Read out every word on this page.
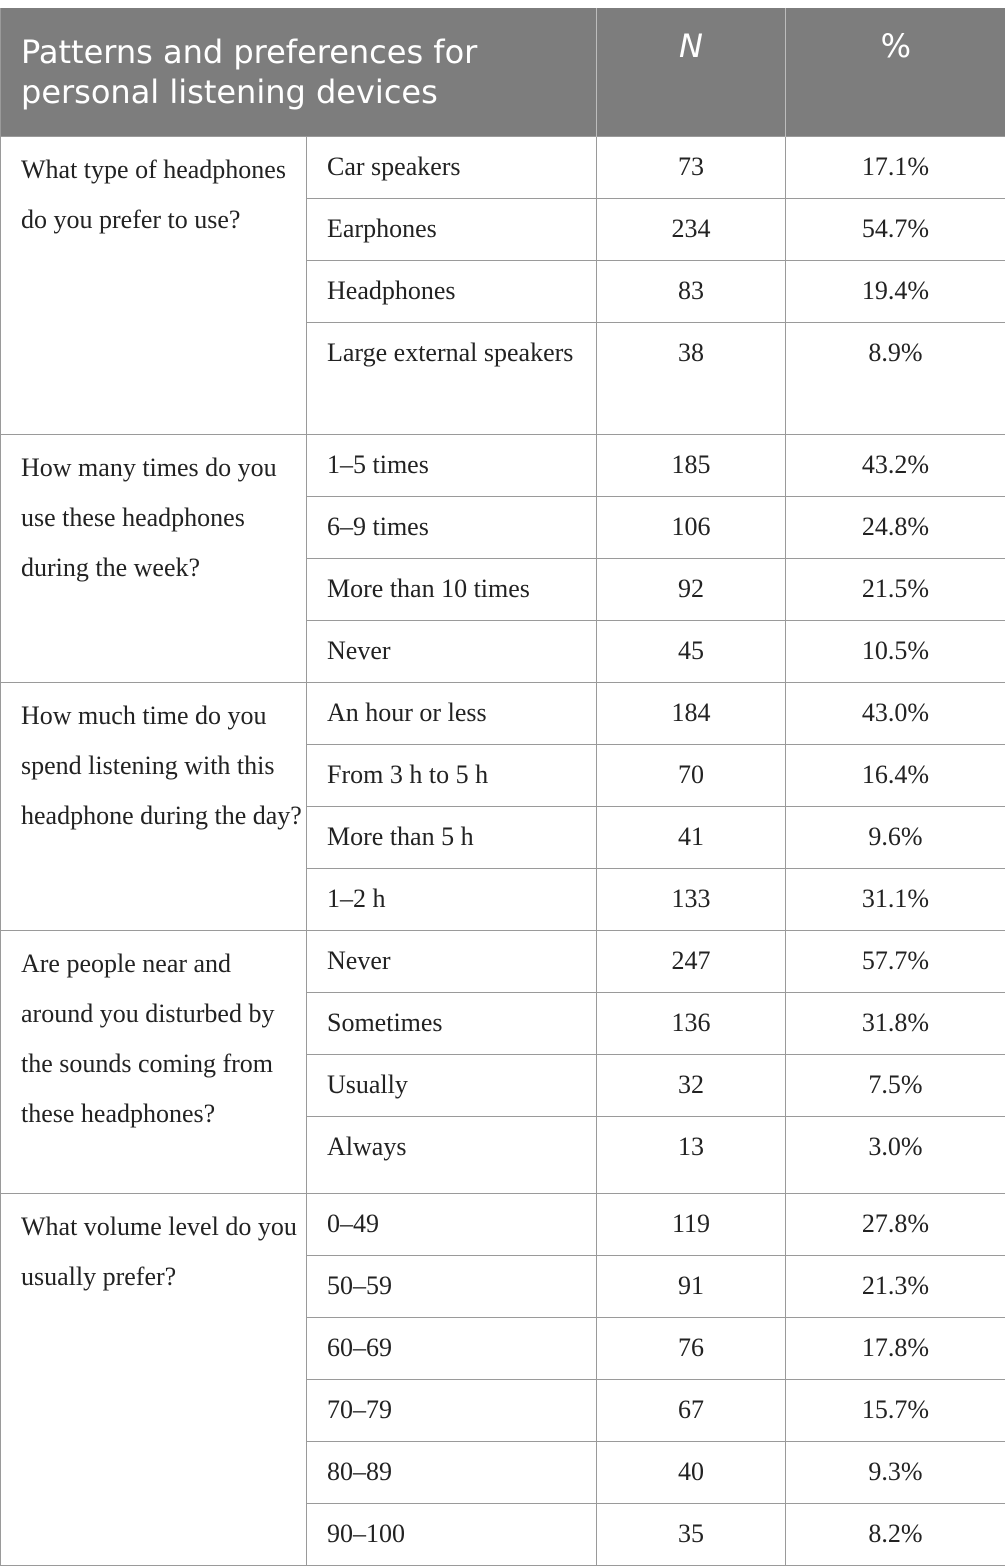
Patterns and preferences for personal listening devices		N	%
What type of headphones do you prefer to use?	Car speakers	73	17.1%
	Earphones	234	54.7%
	Headphones	83	19.4%
	Large external speakers	38	8.9%
How many times do you use these headphones during the week?	1–5 times	185	43.2%
	6–9 times	106	24.8%
	More than 10 times	92	21.5%
	Never	45	10.5%
How much time do you spend listening with this headphone during the day?	An hour or less	184	43.0%
	From 3 h to 5 h	70	16.4%
	More than 5 h	41	9.6%
	1–2 h	133	31.1%
Are people near and around you disturbed by the sounds coming from these headphones?	Never	247	57.7%
	Sometimes	136	31.8%
	Usually	32	7.5%
	Always	13	3.0%
What volume level do you usually prefer?	0–49	119	27.8%
	50–59	91	21.3%
	60–69	76	17.8%
	70–79	67	15.7%
	80–89	40	9.3%
	90–100	35	8.2%
